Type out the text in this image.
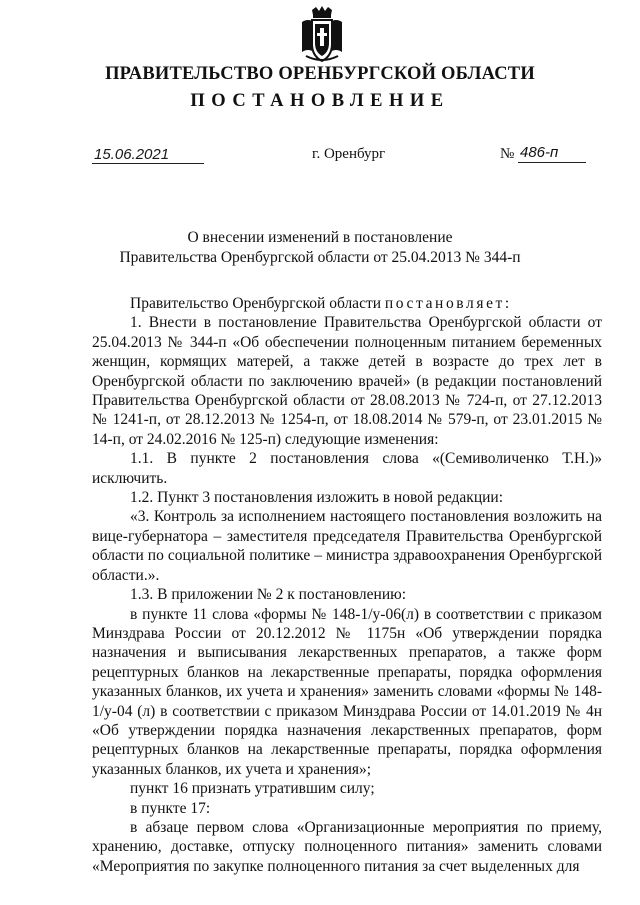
ПРАВИТЕЛЬСТВО ОРЕНБУРГСКОЙ ОБЛАСТИ
ПОСТАНОВЛЕНИЕ
15.06.2021	г. Оренбург	№ 486-п
О внесении изменений в постановление
Правительства Оренбургской области от 25.04.2013 № 344-п

Правительство Оренбургской области постановляет:

1. Внести в постановление Правительства Оренбургской области от 25.04.2013 № 344-п «Об обеспечении полноценным питанием беременных женщин, кормящих матерей, а также детей в возрасте до трех лет в Оренбургской области по заключению врачей» (в редакции постановлений Правительства Оренбургской области от 28.08.2013 № 724-п, от 27.12.2013 № 1241-п, от 28.12.2013 № 1254-п, от 18.08.2014 № 579-п, от 23.01.2015 № 14-п, от 24.02.2016 № 125-п) следующие изменения:

1.1. В пункте 2 постановления слова «(Семиволиченко Т.Н.)» исключить.

1.2. Пункт 3 постановления изложить в новой редакции:

«3. Контроль за исполнением настоящего постановления возложить на вице-губернатора – заместителя председателя Правительства Оренбургской области по социальной политике – министра здравоохранения Оренбургской области.».

1.3. В приложении № 2 к постановлению:

в пункте 11 слова «формы № 148-1/у-06(л) в соответствии с приказом Минздрава России от 20.12.2012 № 1175н «Об утверждении порядка назначения и выписывания лекарственных препаратов, а также форм рецептурных бланков на лекарственные препараты, порядка оформления указанных бланков, их учета и хранения» заменить словами «формы № 148-1/у-04 (л) в соответствии с приказом Минздрава России от 14.01.2019 № 4н «Об утверждении порядка назначения лекарственных препаратов, форм рецептурных бланков на лекарственные препараты, порядка оформления указанных бланков, их учета и хранения»;

пункт 16 признать утратившим силу;

в пункте 17:

в абзаце первом слова «Организационные мероприятия по приему, хранению, доставке, отпуску полноценного питания» заменить словами «Мероприятия по закупке полноценного питания за счет выделенных для
